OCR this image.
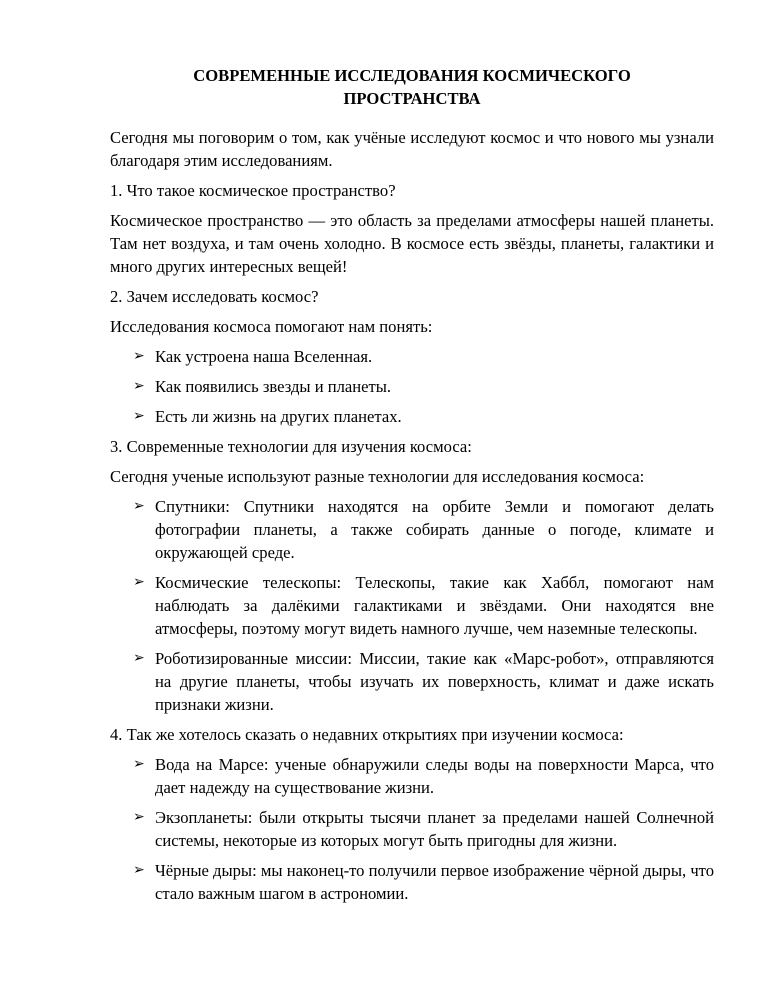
СОВРЕМЕННЫЕ ИССЛЕДОВАНИЯ КОСМИЧЕСКОГО ПРОСТРАНСТВА

Сегодня мы поговорим о том, как учёные исследуют космос и что нового мы узнали благодаря этим исследованиям.

1. Что такое космическое пространство?

Космическое пространство — это область за пределами атмосферы нашей планеты. Там нет воздуха, и там очень холодно. В космосе есть звёзды, планеты, галактики и много других интересных вещей!

2. Зачем исследовать космос?

Исследования космоса помогают нам понять:

➢ Как устроена наша Вселенная.
➢ Как появились звезды и планеты.
➢ Есть ли жизнь на других планетах.

3. Современные технологии для изучения космоса:

Сегодня ученые используют разные технологии для исследования космоса:

➢ Спутники: Спутники находятся на орбите Земли и помогают делать фотографии планеты, а также собирать данные о погоде, климате и окружающей среде.
➢ Космические телескопы: Телескопы, такие как Хаббл, помогают нам наблюдать за далёкими галактиками и звёздами. Они находятся вне атмосферы, поэтому могут видеть намного лучше, чем наземные телескопы.
➢ Роботизированные миссии: Миссии, такие как «Марс-робот», отправляются на другие планеты, чтобы изучать их поверхность, климат и даже искать признаки жизни.

4. Так же хотелось сказать о недавних открытиях при изучении космоса:

➢ Вода на Марсе: ученые обнаружили следы воды на поверхности Марса, что дает надежду на существование жизни.
➢ Экзопланеты: были открыты тысячи планет за пределами нашей Солнечной системы, некоторые из которых могут быть пригодны для жизни.
➢ Чёрные дыры: мы наконец-то получили первое изображение чёрной дыры, что стало важным шагом в астрономии.
